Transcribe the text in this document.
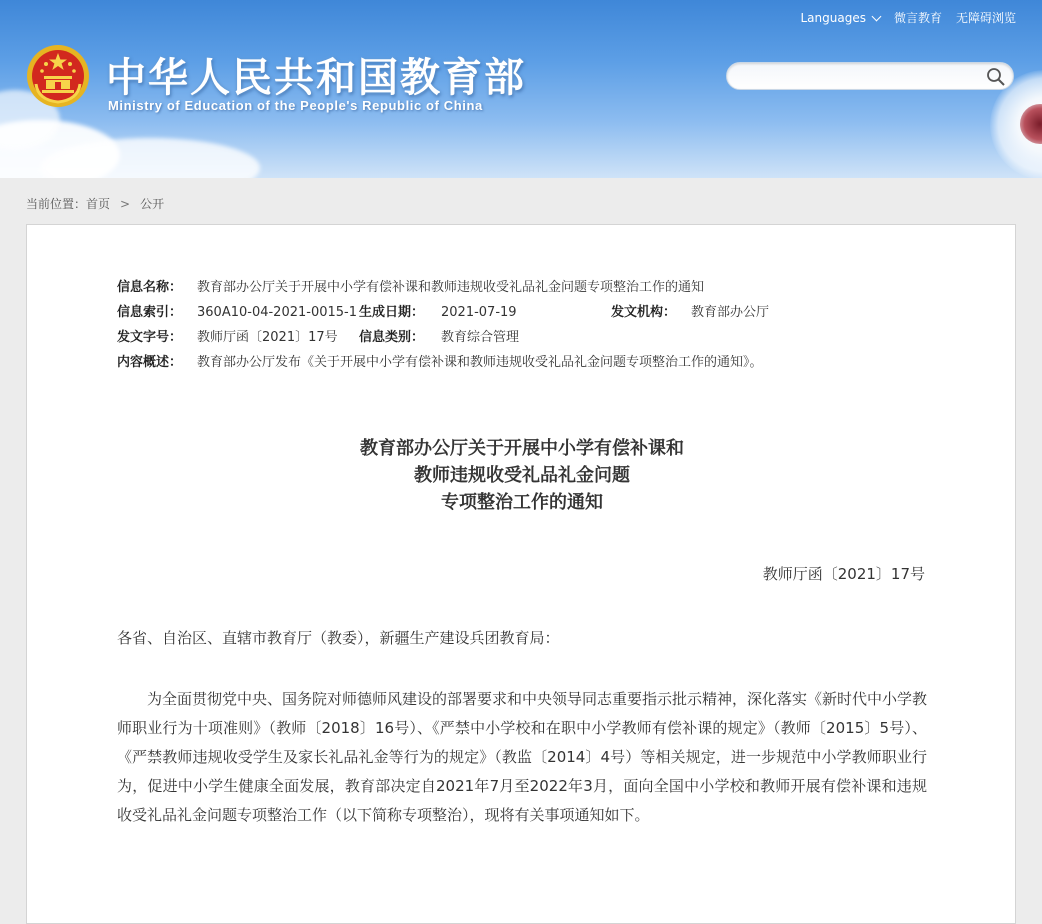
中华人民共和国教育部
Ministry of Education of the People's Republic of China
Languages 微言教育 无障碍浏览
当前位置： 首页 > 公开
信息名称： 教育部办公厅关于开展中小学有偿补课和教师违规收受礼品礼金问题专项整治工作的通知
信息索引： 360A10-04-2021-0015-1 生成日期： 2021-07-19	发文机构： 教育部办公厅
发文字号： 教师厅函〔2021〕17号 信息类别： 教育综合管理
内容概述： 教育部办公厅发布《关于开展中小学有偿补课和教师违规收受礼品礼金问题专项整治工作的通知》。
教育部办公厅关于开展中小学有偿补课和
教师违规收受礼品礼金问题
专项整治工作的通知
教师厅函〔2021〕17号
各省、自治区、直辖市教育厅（教委），新疆生产建设兵团教育局：

为全面贯彻党中央、国务院对师德师风建设的部署要求和中央领导同志重要指示批示精神，深化落实《新时代中小学教师职业行为十项准则》（教师〔2018〕16号）、《严禁中小学校和在职中小学教师有偿补课的规定》（教师〔2015〕5号）、《严禁教师违规收受学生及家长礼品礼金等行为的规定》（教监〔2014〕4号）等相关规定，进一步规范中小学教师职业行为，促进中小学生健康全面发展，教育部决定自2021年7月至2022年3月，面向全国中小学校和教师开展有偿补课和违规收受礼品礼金问题专项整治工作（以下简称专项整治），现将有关事项通知如下。
